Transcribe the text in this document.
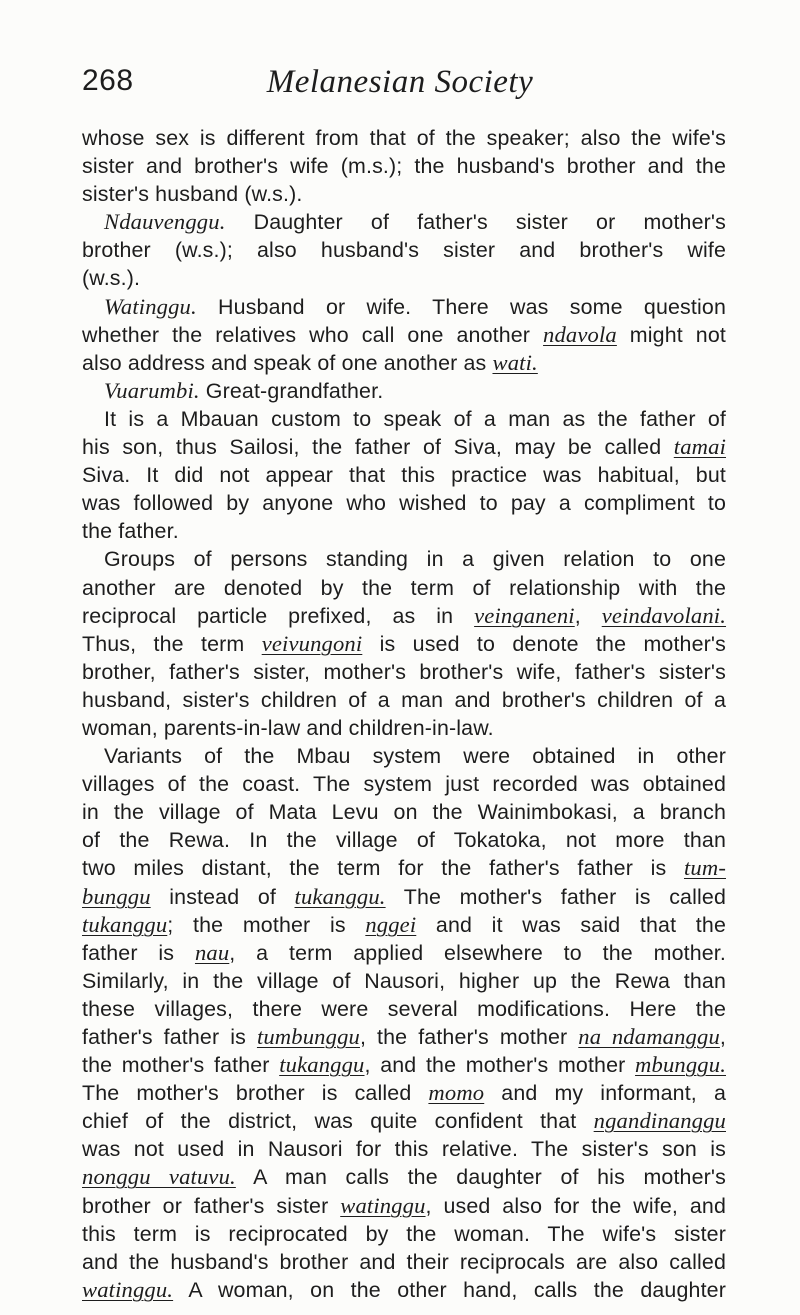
268	Melanesian Society
whose sex is different from that of the speaker; also the wife's
sister and brother's wife (m.s.); the husband's brother and the
sister's husband (w.s.).
Ndauvenggu. Daughter of father's sister or mother's
brother (w.s.); also husband's sister and brother's wife
(w.s.).
Watinggu. Husband or wife. There was some question
whether the relatives who call one another ndavola might not
also address and speak of one another as wati.
Vuarumbi. Great-grandfather.
It is a Mbauan custom to speak of a man as the father of
his son, thus Sailosi, the father of Siva, may be called tamai
Siva. It did not appear that this practice was habitual, but
was followed by anyone who wished to pay a compliment to
the father.
Groups of persons standing in a given relation to one
another are denoted by the term of relationship with the
reciprocal particle prefixed, as in veinganeni, veindavolani.
Thus, the term veivungoni is used to denote the mother's
brother, father's sister, mother's brother's wife, father's sister's
husband, sister's children of a man and brother's children of a
woman, parents-in-law and children-in-law.
Variants of the Mbau system were obtained in other
villages of the coast. The system just recorded was obtained
in the village of Mata Levu on the Wainimbokasi, a branch
of the Rewa. In the village of Tokatoka, not more than
two miles distant, the term for the father's father is tum-
bunggu instead of tukanggu. The mother's father is called
tukanggu; the mother is nggei and it was said that the
father is nau, a term applied elsewhere to the mother.
Similarly, in the village of Nausori, higher up the Rewa than
these villages, there were several modifications. Here the
father's father is tumbunggu, the father's mother na ndamanggu,
the mother's father tukanggu, and the mother's mother mbunggu.
The mother's brother is called momo and my informant, a
chief of the district, was quite confident that ngandinanggu
was not used in Nausori for this relative. The sister's son is
nonggu vatuvu. A man calls the daughter of his mother's
brother or father's sister watinggu, used also for the wife, and
this term is reciprocated by the woman. The wife's sister
and the husband's brother and their reciprocals are also called
watinggu. A woman, on the other hand, calls the daughter
